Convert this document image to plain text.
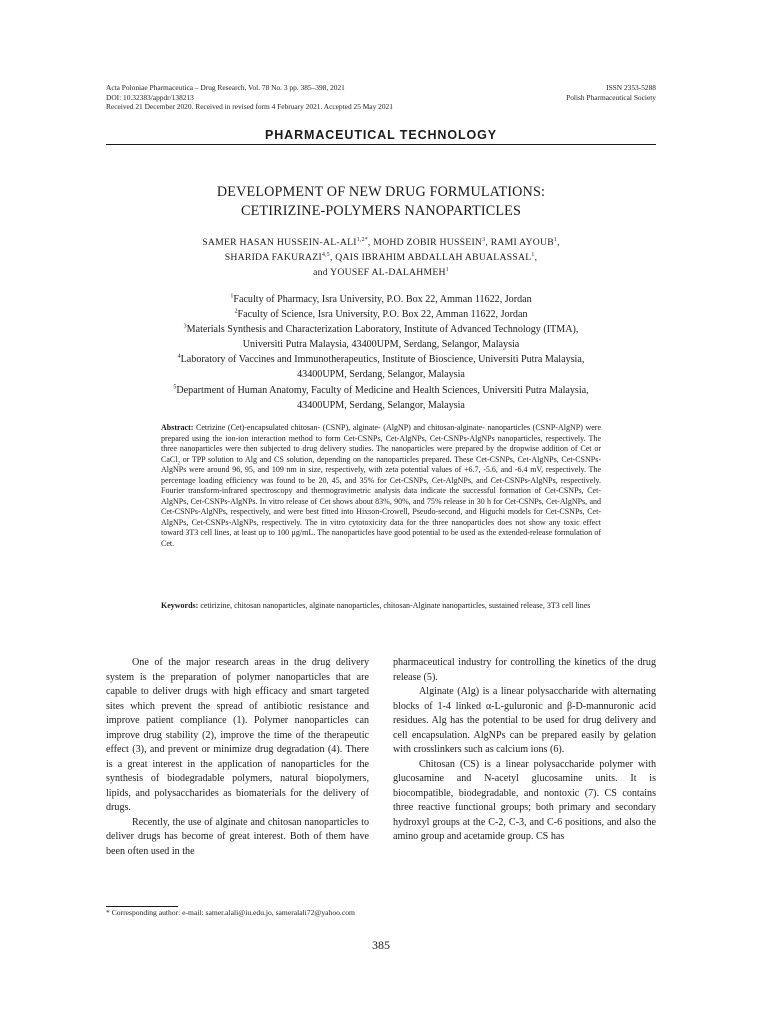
Acta Poloniae Pharmaceutica – Drug Research, Vol. 78 No. 3 pp. 385–398, 2021
DOI: 10.32383/appdr/138213
Received 21 December 2020. Received in revised form 4 February 2021. Accepted 25 May 2021
ISSN 2353-5288
Polish Pharmaceutical Society
PHARMACEUTICAL TECHNOLOGY
DEVELOPMENT OF NEW DRUG FORMULATIONS:
CETIRIZINE-POLYMERS NANOPARTICLES
SAMER HASAN HUSSEIN-$AL-ALI^{1,2*}$, MOHD ZOBIR HUSSEIN$^3$, RAMI AYOUB$^1$,
SHARIDA FAKURAZI$^{4,5}$, QAIS IBRAHIM ABDALLAH ABUALASSAL$^1$,
and YOUSEF AL-DALAHMEH$^1$
$^1$Faculty of Pharmacy, Isra University, P.O. Box 22, Amman 11622, Jordan
$^2$Faculty of Science, Isra University, P.O. Box 22, Amman 11622, Jordan
$^3$Materials Synthesis and Characterization Laboratory, Institute of Advanced Technology (ITMA),
Universiti Putra Malaysia, 43400UPM, Serdang, Selangor, Malaysia
$^4$Laboratory of Vaccines and Immunotherapeutics, Institute of Bioscience, Universiti Putra Malaysia,
43400UPM, Serdang, Selangor, Malaysia
$^5$Department of Human Anatomy, Faculty of Medicine and Health Sciences, Universiti Putra Malaysia,
43400UPM, Serdang, Selangor, Malaysia
Abstract: Cetrizine (Cet)-encapsulated chitosan- (CSNP), alginate- (AlgNP) and chitosan-alginate- nanoparticles (CSNP-AlgNP) were prepared using the ion-ion interaction method to form Cet-CSNPs, Cet-AlgNPs, Cet-CSNPs-AlgNPs nanoparticles, respectively. The three nanoparticles were then subjected to drug delivery studies. The nanoparticles were prepared by the dropwise addition of Cet or CaCl$_2$ or TPP solution to Alg and CS solution, depending on the nanoparticles prepared. These Cet-CSNPs, Cet-AlgNPs, Cet-CSNPs-AlgNPs were around 96, 95, and 109 nm in size, respectively, with zeta potential values of +6.7, -5.6, and -6.4 mV, respectively. The percentage loading efficiency was found to be 20, 45, and 35% for Cet-CSNPs, Cet-AlgNPs, and Cet-CSNPs-AlgNPs, respectively. Fourier transform-infrared spectroscopy and thermogravimetric analysis data indicate the successful formation of Cet-CSNPs, Cet-AlgNPs, Cet-CSNPs-AlgNPs. In vitro release of Cet shows about 83%, 90%, and 75% release in 30 h for Cet-CSNPs, Cet-AlgNPs, and Cet-CSNPs-AlgNPs, respectively, and were best fitted into Hixson-Crowell, Pseudo-second, and Higuchi models for Cet-CSNPs, Cet-AlgNPs, Cet-CSNPs-AlgNPs, respectively. The in vitro cytotoxicity data for the three nanoparticles does not show any toxic effect toward 3T3 cell lines, at least up to 100 µg/mL. The nanoparticles have good potential to be used as the extended-release formulation of Cet.
Keywords: cetirizine, chitosan nanoparticles, alginate nanoparticles, chitosan-Alginate nanoparticles, sustained release, 3T3 cell lines

One of the major research areas in the drug delivery system is the preparation of polymer nanoparticles that are capable to deliver drugs with high efficacy and smart targeted sites which prevent the spread of antibiotic resistance and improve patient compliance (1). Polymer nanoparticles can improve drug stability (2), improve the time of the therapeutic effect (3), and prevent or minimize drug degradation (4). There is a great interest in the application of nanoparticles for the synthesis of biodegradable polymers, natural biopolymers, lipids, and polysaccharides as biomaterials for the delivery of drugs.

Recently, the use of alginate and chitosan nanoparticles to deliver drugs has become of great interest. Both of them have been often used in the

pharmaceutical industry for controlling the kinetics of the drug release (5).

Alginate (Alg) is a linear polysaccharide with alternating blocks of 1-4 linked α-L-guluronic and β-D-mannuronic acid residues. Alg has the potential to be used for drug delivery and cell encapsulation. AlgNPs can be prepared easily by gelation with crosslinkers such as calcium ions (6).

Chitosan (CS) is a linear polysaccharide polymer with glucosamine and N-acetyl glucosamine units. It is biocompatible, biodegradable, and nontoxic (7). CS contains three reactive functional groups; both primary and secondary hydroxyl groups at the C-2, C-3, and C-6 positions, and also the amino group and acetamide group. CS has

* Corresponding author: e-mail: samer.alali@iu.edu.jo, sameralali72@yahoo.com
385
